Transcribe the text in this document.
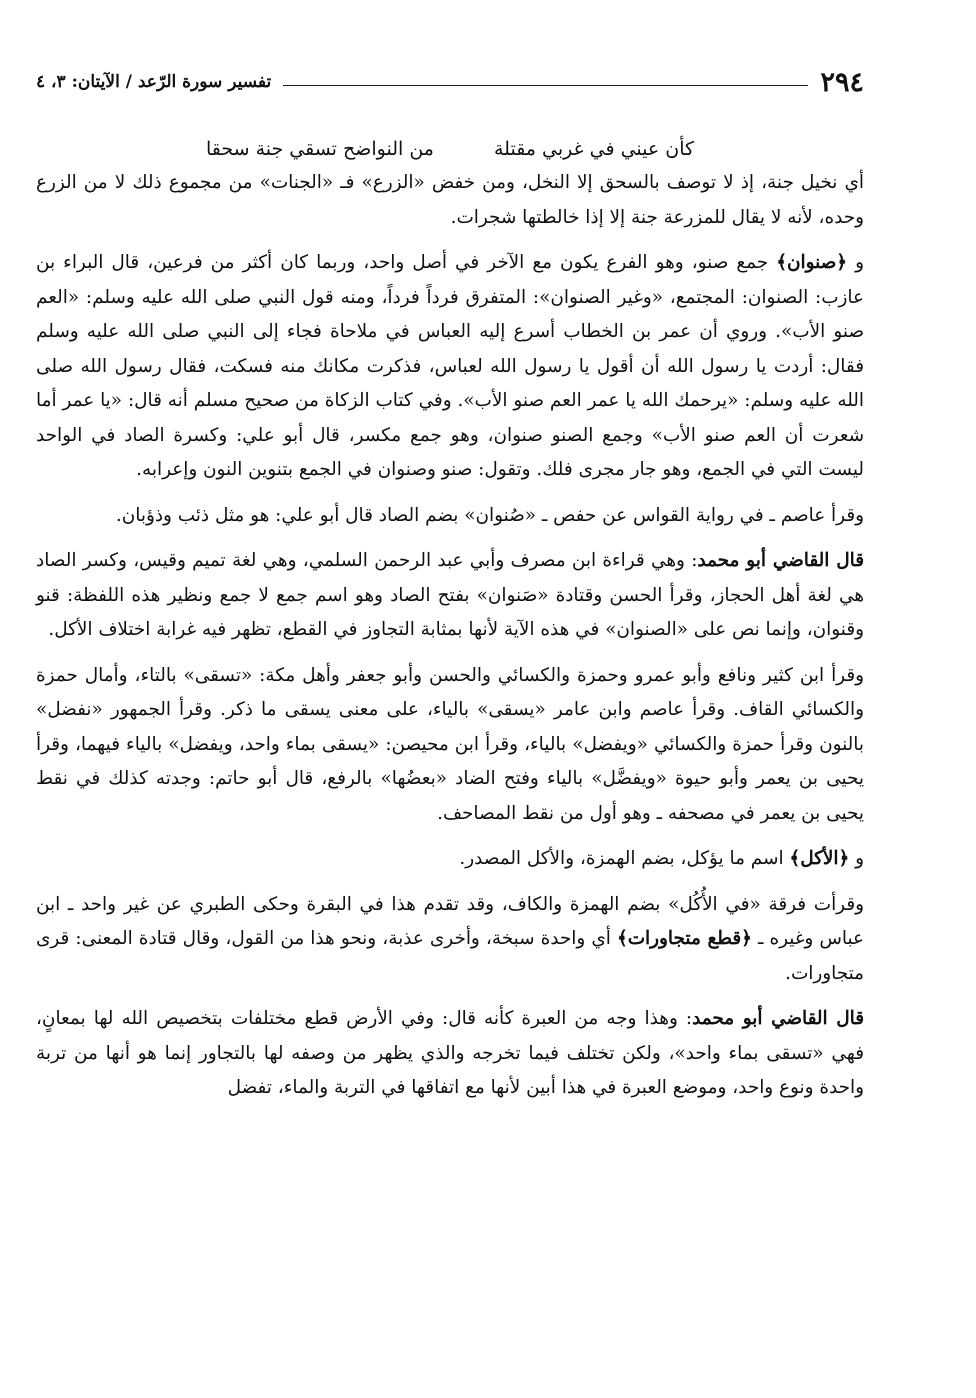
٢٩٤
تفسير سورة الرّعد / الآيتان: ٣، ٤
كأن عيني في غربي مقتلة
من النواضح تسقي جنة سحقا

أي نخيل جنة، إذ لا توصف بالسحق إلا النخل، ومن خفض «الزرع» فـ «الجنات» من مجموع ذلك لا من الزرع وحده، لأنه لا يقال للمزرعة جنة إلا إذا خالطتها شجرات.

و ﴿صنوان﴾ جمع صنو، وهو الفرع يكون مع الآخر في أصل واحد، وربما كان أكثر من فرعين، قال البراء بن عازب: الصنوان: المجتمع، «وغير الصنوان»: المتفرق فرداً فرداً، ومنه قول النبي صلى الله عليه وسلم: «العم صنو الأب». وروي أن عمر بن الخطاب أسرع إليه العباس في ملاحاة فجاء إلى النبي صلى الله عليه وسلم فقال: أردت يا رسول الله أن أقول يا رسول الله لعباس، فذكرت مكانك منه فسكت، فقال رسول الله صلى الله عليه وسلم: «يرحمك الله يا عمر العم صنو الأب». وفي كتاب الزكاة من صحيح مسلم أنه قال: «يا عمر أما شعرت أن العم صنو الأب» وجمع الصنو صنوان، وهو جمع مكسر، قال أبو علي: وكسرة الصاد في الواحد ليست التي في الجمع، وهو جار مجرى فلك. وتقول: صنو وصنوان في الجمع بتنوين النون وإعرابه.

وقرأ عاصم ـ في رواية القواس عن حفص ـ «صُنوان» بضم الصاد قال أبو علي: هو مثل ذئب وذؤبان.

قال القاضي أبو محمد: وهي قراءة ابن مصرف وأبي عبد الرحمن السلمي، وهي لغة تميم وقيس، وكسر الصاد هي لغة أهل الحجاز، وقرأ الحسن وقتادة «صَنوان» بفتح الصاد وهو اسم جمع لا جمع ونظير هذه اللفظة: قنو وقنوان، وإنما نص على «الصنوان» في هذه الآية لأنها بمثابة التجاوز في القطع، تظهر فيه غرابة اختلاف الأكل.

وقرأ ابن كثير ونافع وأبو عمرو وحمزة والكسائي والحسن وأبو جعفر وأهل مكة: «تسقى» بالتاء، وأمال حمزة والكسائي القاف. وقرأ عاصم وابن عامر «يسقى» بالياء، على معنى يسقى ما ذكر. وقرأ الجمهور «نفضل» بالنون وقرأ حمزة والكسائي «ويفضل» بالياء، وقرأ ابن محيصن: «يسقى بماء واحد، ويفضل» بالياء فيهما، وقرأ يحيى بن يعمر وأبو حيوة «ويفضَّل» بالياء وفتح الضاد «بعضُها» بالرفع، قال أبو حاتم: وجدته كذلك في نقط يحيى بن يعمر في مصحفه ـ وهو أول من نقط المصاحف.

و ﴿الأكل﴾ اسم ما يؤكل، بضم الهمزة، والأكل المصدر.

وقرأت فرقة «في الأُكُل» بضم الهمزة والكاف، وقد تقدم هذا في البقرة وحكى الطبري عن غير واحد ـ ابن عباس وغيره ـ ﴿قطع متجاورات﴾ أي واحدة سبخة، وأخرى عذبة، ونحو هذا من القول، وقال قتادة المعنى: قرى متجاورات.

قال القاضي أبو محمد: وهذا وجه من العبرة كأنه قال: وفي الأرض قطع مختلفات بتخصيص الله لها بمعانٍ، فهي «تسقى بماء واحد»، ولكن تختلف فيما تخرجه والذي يظهر من وصفه لها بالتجاور إنما هو أنها من تربة واحدة ونوع واحد، وموضع العبرة في هذا أبين لأنها مع اتفاقها في التربة والماء، تفضل
